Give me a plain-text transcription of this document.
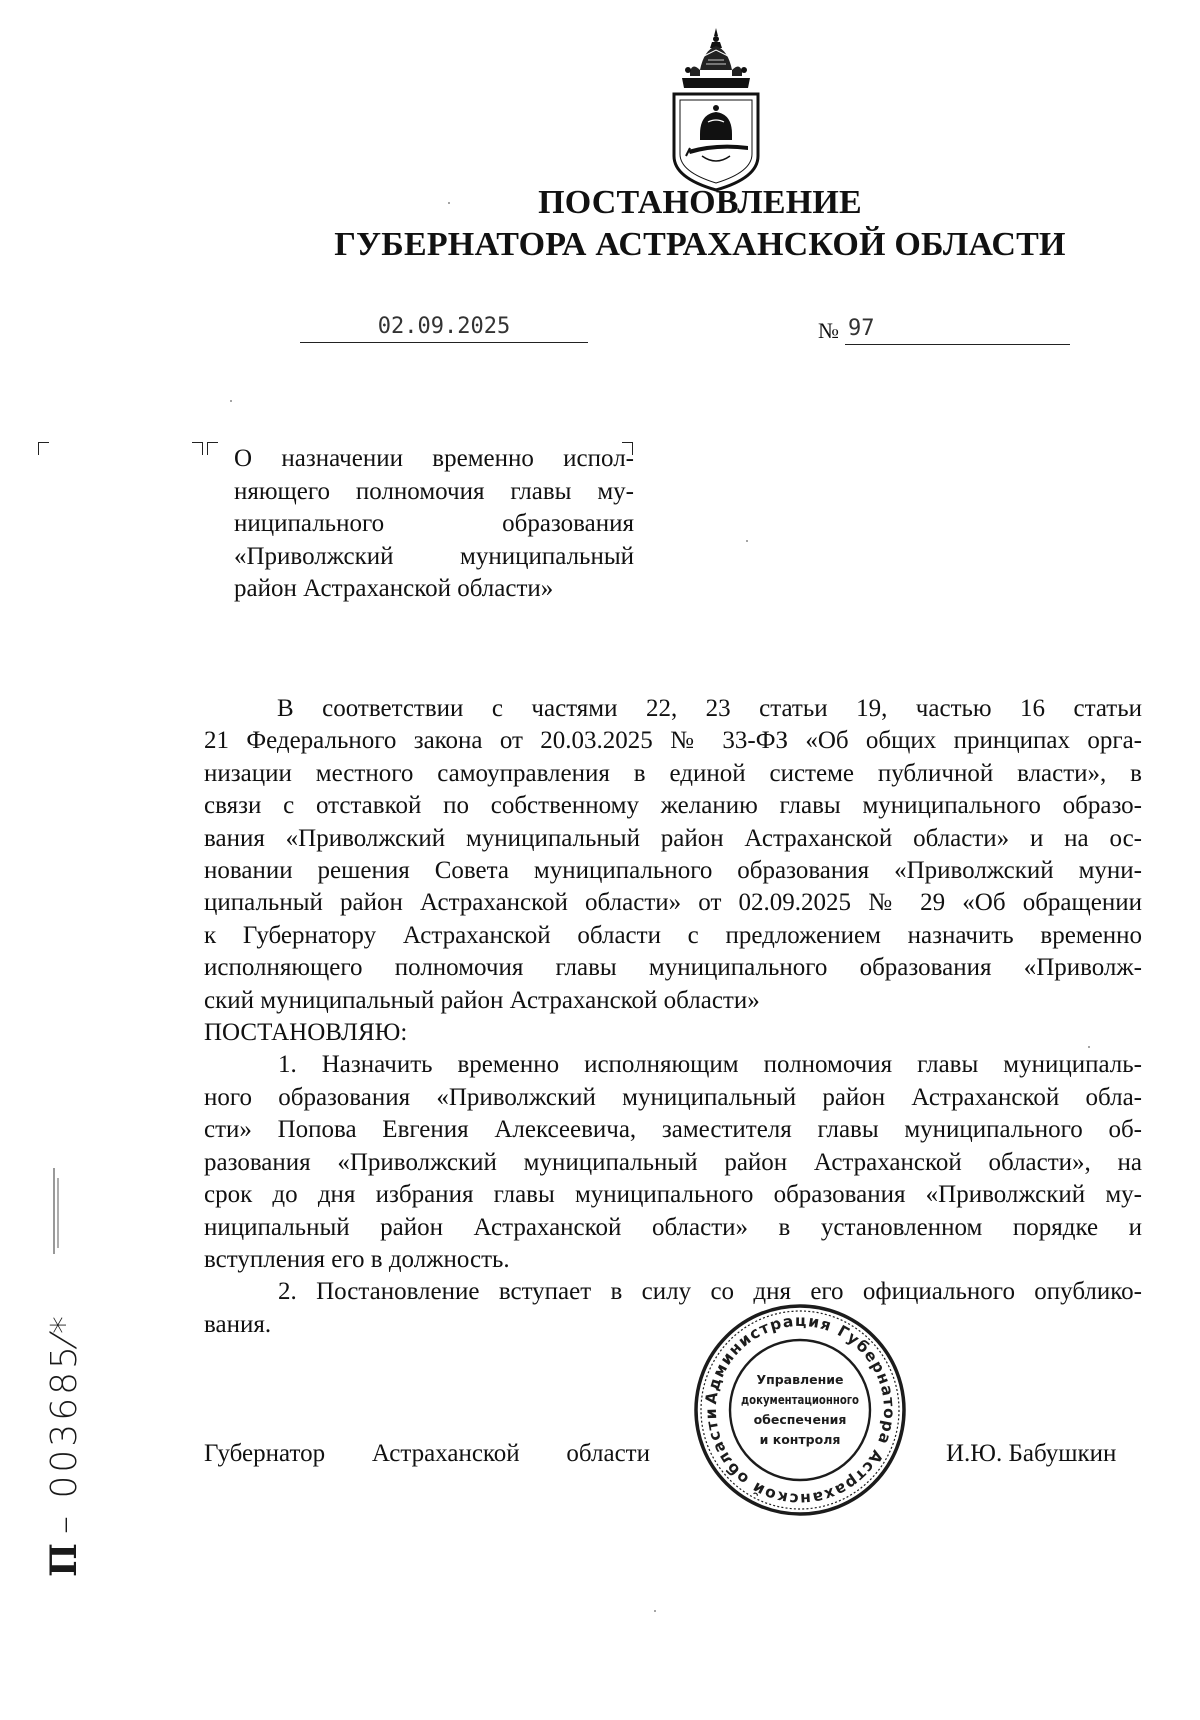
ПОСТАНОВЛЕНИЕ
ГУБЕРНАТОРА АСТРАХАНСКОЙ ОБЛАСТИ
02.09.2025	№ 97
О назначении временно испол-
няющего полномочия главы му-
ниципального образования
«Приволжский муниципальный
район Астраханской области»
В соответствии с частями 22, 23 статьи 19, частью 16 статьи
21 Федерального закона от 20.03.2025 № 33-ФЗ «Об общих принципах орга-
низации местного самоуправления в единой системе публичной власти», в
связи с отставкой по собственному желанию главы муниципального образо-
вания «Приволжский муниципальный район Астраханской области» и на ос-
новании решения Совета муниципального образования «Приволжский муни-
ципальный район Астраханской области» от 02.09.2025 № 29 «Об обращении
к Губернатору Астраханской области с предложением назначить временно
исполняющего полномочия главы муниципального образования «Приволж-
ский муниципальный район Астраханской области»
ПОСТАНОВЛЯЮ:
1. Назначить временно исполняющим полномочия главы муниципаль-
ного образования «Приволжский муниципальный район Астраханской обла-
сти» Попова Евгения Алексеевича, заместителя главы муниципального об-
разования «Приволжский муниципальный район Астраханской области», на
срок до дня избрания главы муниципального образования «Приволжский му-
ниципальный район Астраханской области» в установленном порядке и
вступления его в должность.
2. Постановление вступает в силу со дня его официального опублико-
вания.
Администрация Губернатора Астраханской области
Управление
документационного
обеспечения
и контроля
Губернатор Астраханской области	И.Ю. Бабушкин
П– 003685⁄*
